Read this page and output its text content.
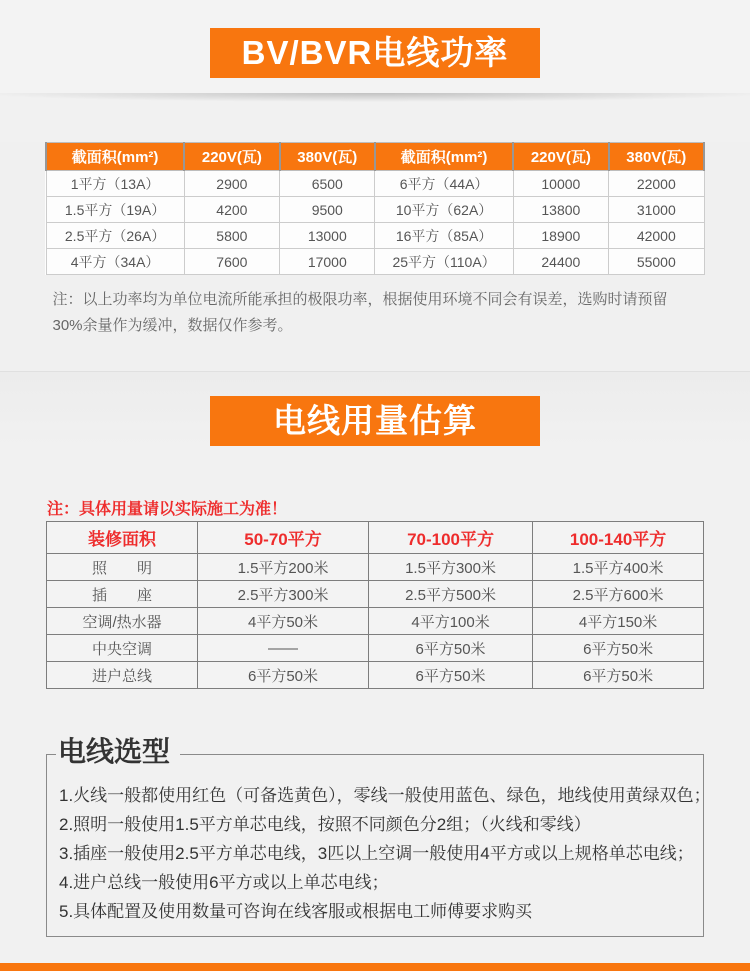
BV/BVR电线功率
截面积(mm²)	220V(瓦)	380V(瓦)	截面积(mm²)	220V(瓦)	380V(瓦)
1平方（13A）	2900	6500	6平方（44A）	10000	22000
1.5平方（19A）	4200	9500	10平方（62A）	13800	31000
2.5平方（26A）	5800	13000	16平方（85A）	18900	42000
4平方（34A）	7600	17000	25平方（110A）	24400	55000
注：以上功率均为单位电流所能承担的极限功率，根据使用环境不同会有误差，选购时请预留30%余量作为缓冲，数据仅作参考。
电线用量估算
注：具体用量请以实际施工为准！
装修面积	50-70平方	70-100平方	100-140平方
照　　明	1.5平方200米	1.5平方300米	1.5平方400米
插　　座	2.5平方300米	2.5平方500米	2.5平方600米
空调/热水器	4平方50米	4平方100米	4平方150米
中央空调	——	6平方50米	6平方50米
进户总线	6平方50米	6平方50米	6平方50米
电线选型
1.火线一般都使用红色（可备选黄色），零线一般使用蓝色、绿色，地线使用黄绿双色；
2.照明一般使用1.5平方单芯电线，按照不同颜色分2组；（火线和零线）
3.插座一般使用2.5平方单芯电线，3匹以上空调一般使用4平方或以上规格单芯电线；
4.进户总线一般使用6平方或以上单芯电线；
5.具体配置及使用数量可咨询在线客服或根据电工师傅要求购买
